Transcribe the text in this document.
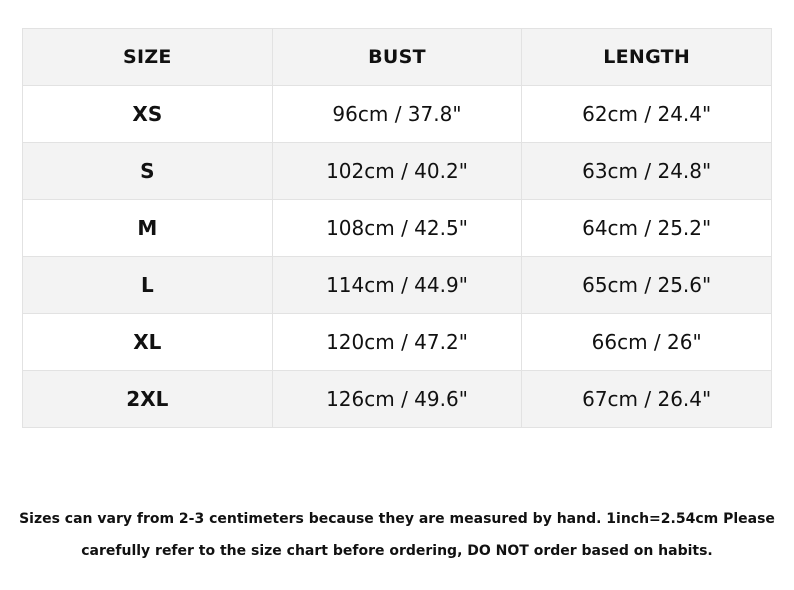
SIZE	BUST	LENGTH
XS	96cm / 37.8"	62cm / 24.4"
S	102cm / 40.2"	63cm / 24.8"
M	108cm / 42.5"	64cm / 25.2"
L	114cm / 44.9"	65cm / 25.6"
XL	120cm / 47.2"	66cm / 26"
2XL	126cm / 49.6"	67cm / 26.4"
Sizes can vary from 2-3 centimeters because they are measured by hand. 1inch=2.54cm Please
carefully refer to the size chart before ordering, DO NOT order based on habits.
